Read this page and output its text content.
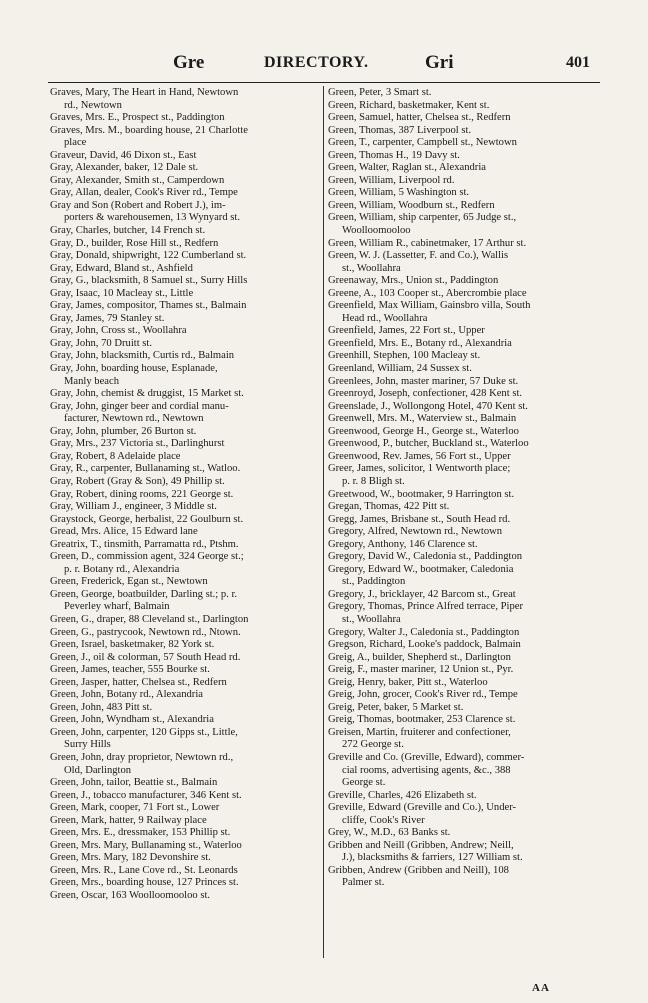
Gre	DIRECTORY.	Gri	401
Graves, Mary, The Heart in Hand, Newtown
rd., Newtown
Graves, Mrs. E., Prospect st., Paddington
Graves, Mrs. M., boarding house, 21 Charlotte
place
Graveur, David, 46 Dixon st., East
Gray, Alexander, baker, 12 Dale st.
Gray, Alexander, Smith st., Camperdown
Gray, Allan, dealer, Cook's River rd., Tempe
Gray and Son (Robert and Robert J.), im-
porters & warehousemen, 13 Wynyard st.
Gray, Charles, butcher, 14 French st.
Gray, D., builder, Rose Hill st., Redfern
Gray, Donald, shipwright, 122 Cumberland st.
Gray, Edward, Bland st., Ashfield
Gray, G., blacksmith, 8 Samuel st., Surry Hills
Gray, Isaac, 10 Macleay st., Little
Gray, James, compositor, Thames st., Balmain
Gray, James, 79 Stanley st.
Gray, John, Cross st., Woollahra
Gray, John, 70 Druitt st.
Gray, John, blacksmith, Curtis rd., Balmain
Gray, John, boarding house, Esplanade,
Manly beach
Gray, John, chemist & druggist, 15 Market st.
Gray, John, ginger beer and cordial manu-
facturer, Newtown rd., Newtown
Gray, John, plumber, 26 Burton st.
Gray, Mrs., 237 Victoria st., Darlinghurst
Gray, Robert, 8 Adelaide place
Gray, R., carpenter, Bullanaming st., Watloo.
Gray, Robert (Gray & Son), 49 Phillip st.
Gray, Robert, dining rooms, 221 George st.
Gray, William J., engineer, 3 Middle st.
Graystock, George, herbalist, 22 Goulburn st.
Gread, Mrs. Alice, 15 Edward lane
Greatrix, T., tinsmith, Parramatta rd., Ptshm.
Green, D., commission agent, 324 George st.;
p. r. Botany rd., Alexandria
Green, Frederick, Egan st., Newtown
Green, George, boatbuilder, Darling st.; p. r.
Peverley wharf, Balmain
Green, G., draper, 88 Cleveland st., Darlington
Green, G., pastrycook, Newtown rd., Ntown.
Green, Israel, basketmaker, 82 York st.
Green, J., oil & colorman, 57 South Head rd.
Green, James, teacher, 555 Bourke st.
Green, Jasper, hatter, Chelsea st., Redfern
Green, John, Botany rd., Alexandria
Green, John, 483 Pitt st.
Green, John, Wyndham st., Alexandria
Green, John, carpenter, 120 Gipps st., Little,
Surry Hills
Green, John, dray proprietor, Newtown rd.,
Old, Darlington
Green, John, tailor, Beattie st., Balmain
Green, J., tobacco manufacturer, 346 Kent st.
Green, Mark, cooper, 71 Fort st., Lower
Green, Mark, hatter, 9 Railway place
Green, Mrs. E., dressmaker, 153 Phillip st.
Green, Mrs. Mary, Bullanaming st., Waterloo
Green, Mrs. Mary, 182 Devonshire st.
Green, Mrs. R., Lane Cove rd., St. Leonards
Green, Mrs., boarding house, 127 Princes st.
Green, Oscar, 163 Woolloomooloo st.
Green, Peter, 3 Smart st.
Green, Richard, basketmaker, Kent st.
Green, Samuel, hatter, Chelsea st., Redfern
Green, Thomas, 387 Liverpool st.
Green, T., carpenter, Campbell st., Newtown
Green, Thomas H., 19 Davy st.
Green, Walter, Raglan st., Alexandria
Green, William, Liverpool rd.
Green, William, 5 Washington st.
Green, William, Woodburn st., Redfern
Green, William, ship carpenter, 65 Judge st.,
Woolloomooloo
Green, William R., cabinetmaker, 17 Arthur st.
Green, W. J. (Lassetter, F. and Co.), Wallis
st., Woollahra
Greenaway, Mrs., Union st., Paddington
Greene, A., 103 Cooper st., Abercrombie place
Greenfield, Max William, Gainsbro villa, South
Head rd., Woollahra
Greenfield, James, 22 Fort st., Upper
Greenfield, Mrs. E., Botany rd., Alexandria
Greenhill, Stephen, 100 Macleay st.
Greenland, William, 24 Sussex st.
Greenlees, John, master mariner, 57 Duke st.
Greenroyd, Joseph, confectioner, 428 Kent st.
Greenslade, J., Wollongong Hotel, 470 Kent st.
Greenwell, Mrs. M., Waterview st., Balmain
Greenwood, George H., George st., Waterloo
Greenwood, P., butcher, Buckland st., Waterloo
Greenwood, Rev. James, 56 Fort st., Upper
Greer, James, solicitor, 1 Wentworth place;
p. r. 8 Bligh st.
Greetwood, W., bootmaker, 9 Harrington st.
Gregan, Thomas, 422 Pitt st.
Gregg, James, Brisbane st., South Head rd.
Gregory, Alfred, Newtown rd., Newtown
Gregory, Anthony, 146 Clarence st.
Gregory, David W., Caledonia st., Paddington
Gregory, Edward W., bootmaker, Caledonia
st., Paddington
Gregory, J., bricklayer, 42 Barcom st., Great
Gregory, Thomas, Prince Alfred terrace, Piper
st., Woollahra
Gregory, Walter J., Caledonia st., Paddington
Gregson, Richard, Looke's paddock, Balmain
Greig, A., builder, Shepherd st., Darlington
Greig, F., master mariner, 12 Union st., Pyr.
Greig, Henry, baker, Pitt st., Waterloo
Greig, John, grocer, Cook's River rd., Tempe
Greig, Peter, baker, 5 Market st.
Greig, Thomas, bootmaker, 253 Clarence st.
Greisen, Martin, fruiterer and confectioner,
272 George st.
Greville and Co. (Greville, Edward), commer-
cial rooms, advertising agents, &c., 388
George st.
Greville, Charles, 426 Elizabeth st.
Greville, Edward (Greville and Co.), Under-
cliffe, Cook's River
Grey, W., M.D., 63 Banks st.
Gribben and Neill (Gribben, Andrew; Neill,
J.), blacksmiths & farriers, 127 William st.
Gribben, Andrew (Gribben and Neill), 108
Palmer st.
AA
